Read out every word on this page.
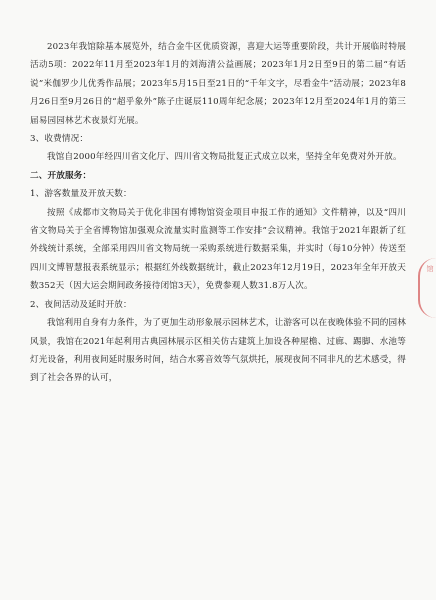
2023年我馆除基本展览外，结合金牛区优质资源，喜迎大运等重要阶段，共计开展临时特展活动5项：2022年11月至2023年1月的刘海清公益画展；2023年1月2日至9日的第二届“有话说”米伽罗少儿优秀作品展；2023年5月15日至21日的“千年文字，尽看金牛”活动展；2023年8月26日至9月26日的“超乎象外”陈子庄诞辰110周年纪念展；2023年12月至2024年1月的第三届易园园林艺术夜景灯光展。

3、收费情况：

我馆自2000年经四川省文化厅、四川省文物局批复正式成立以来，坚持全年免费对外开放。

二、开放服务：

1、游客数量及开放天数：

按照《成都市文物局关于优化非国有博物馆资金项目申报工作的通知》文件精神，以及“四川省文物局关于全省博物馆加强观众流量实时监测等工作安排”会议精神。我馆于2021年跟新了红外线统计系统，全部采用四川省文物局统一采购系统进行数据采集，并实时（每10分钟）传送至四川文博智慧报表系统显示；根据红外线数据统计，截止2023年12月19日，2023年全年开放天数352天（因大运会期间政务接待闭馆3天），免费参观人数31.8万人次。

2、夜间活动及延时开放：

我馆利用自身有力条件，为了更加生动形象展示园林艺术，让游客可以在夜晚体验不同的园林风景，我馆在2021年起利用古典园林展示区相关仿古建筑上加设各种屋檐、过廊、踢脚、水池等灯光设备，利用夜间延时服务时间，结合水雾音效等气氛烘托，展现夜间不同非凡的艺术感受，得到了社会各界的认可，

馆
